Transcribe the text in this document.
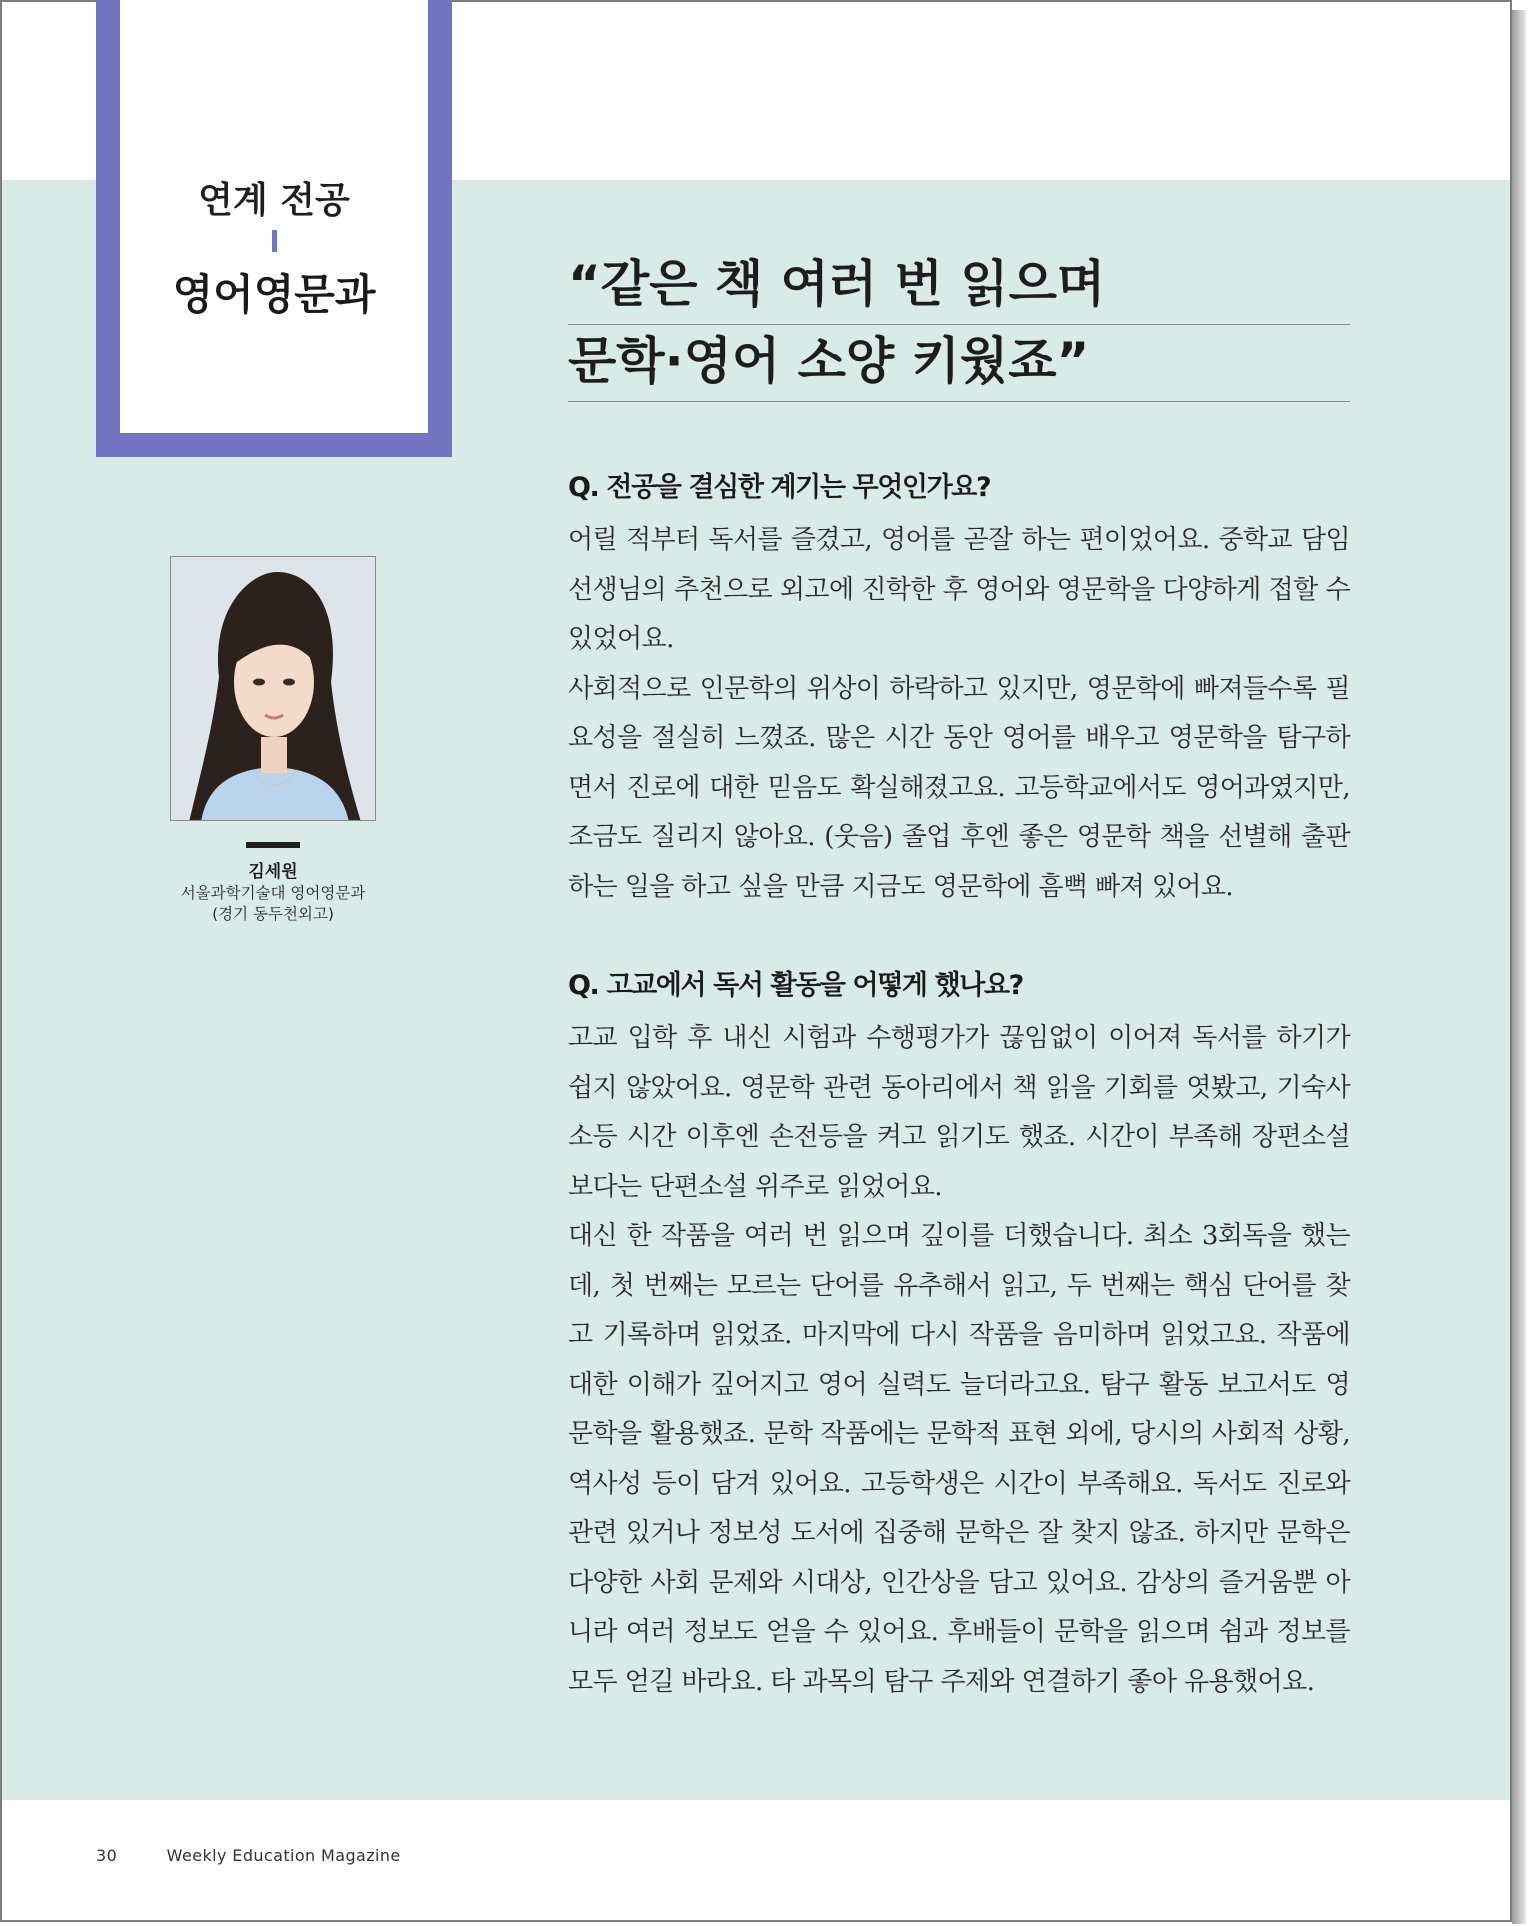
연계 전공

영어영문과	“같은 책 여러 번 읽으며
문학·영어 소양 키웠죠”
김세원
서울과학기술대 영어영문과
(경기 동두천외고)
Q. 전공을 결심한 계기는 무엇인가요?

어릴 적부터 독서를 즐겼고, 영어를 곧잘 하는 편이었어요. 중학교 담임 선생님의 추천으로 외고에 진학한 후 영어와 영문학을 다양하게 접할 수 있었어요.

사회적으로 인문학의 위상이 하락하고 있지만, 영문학에 빠져들수록 필요성을 절실히 느꼈죠. 많은 시간 동안 영어를 배우고 영문학을 탐구하면서 진로에 대한 믿음도 확실해졌고요. 고등학교에서도 영어과였지만, 조금도 질리지 않아요. (웃음) 졸업 후엔 좋은 영문학 책을 선별해 출판하는 일을 하고 싶을 만큼 지금도 영문학에 흠뻑 빠져 있어요.

Q. 고교에서 독서 활동을 어떻게 했나요?

고교 입학 후 내신 시험과 수행평가가 끊임없이 이어져 독서를 하기가 쉽지 않았어요. 영문학 관련 동아리에서 책 읽을 기회를 엿봤고, 기숙사 소등 시간 이후엔 손전등을 켜고 읽기도 했죠. 시간이 부족해 장편소설보다는 단편소설 위주로 읽었어요.

대신 한 작품을 여러 번 읽으며 깊이를 더했습니다. 최소 3회독을 했는데, 첫 번째는 모르는 단어를 유추해서 읽고, 두 번째는 핵심 단어를 찾고 기록하며 읽었죠. 마지막에 다시 작품을 음미하며 읽었고요. 작품에 대한 이해가 깊어지고 영어 실력도 늘더라고요. 탐구 활동 보고서도 영문학을 활용했죠. 문학 작품에는 문학적 표현 외에, 당시의 사회적 상황, 역사성 등이 담겨 있어요. 고등학생은 시간이 부족해요. 독서도 진로와 관련 있거나 정보성 도서에 집중해 문학은 잘 찾지 않죠. 하지만 문학은 다양한 사회 문제와 시대상, 인간상을 담고 있어요. 감상의 즐거움뿐 아니라 여러 정보도 얻을 수 있어요. 후배들이 문학을 읽으며 쉼과 정보를 모두 얻길 바라요. 타 과목의 탐구 주제와 연결하기 좋아 유용했어요.

30	Weekly Education Magazine
